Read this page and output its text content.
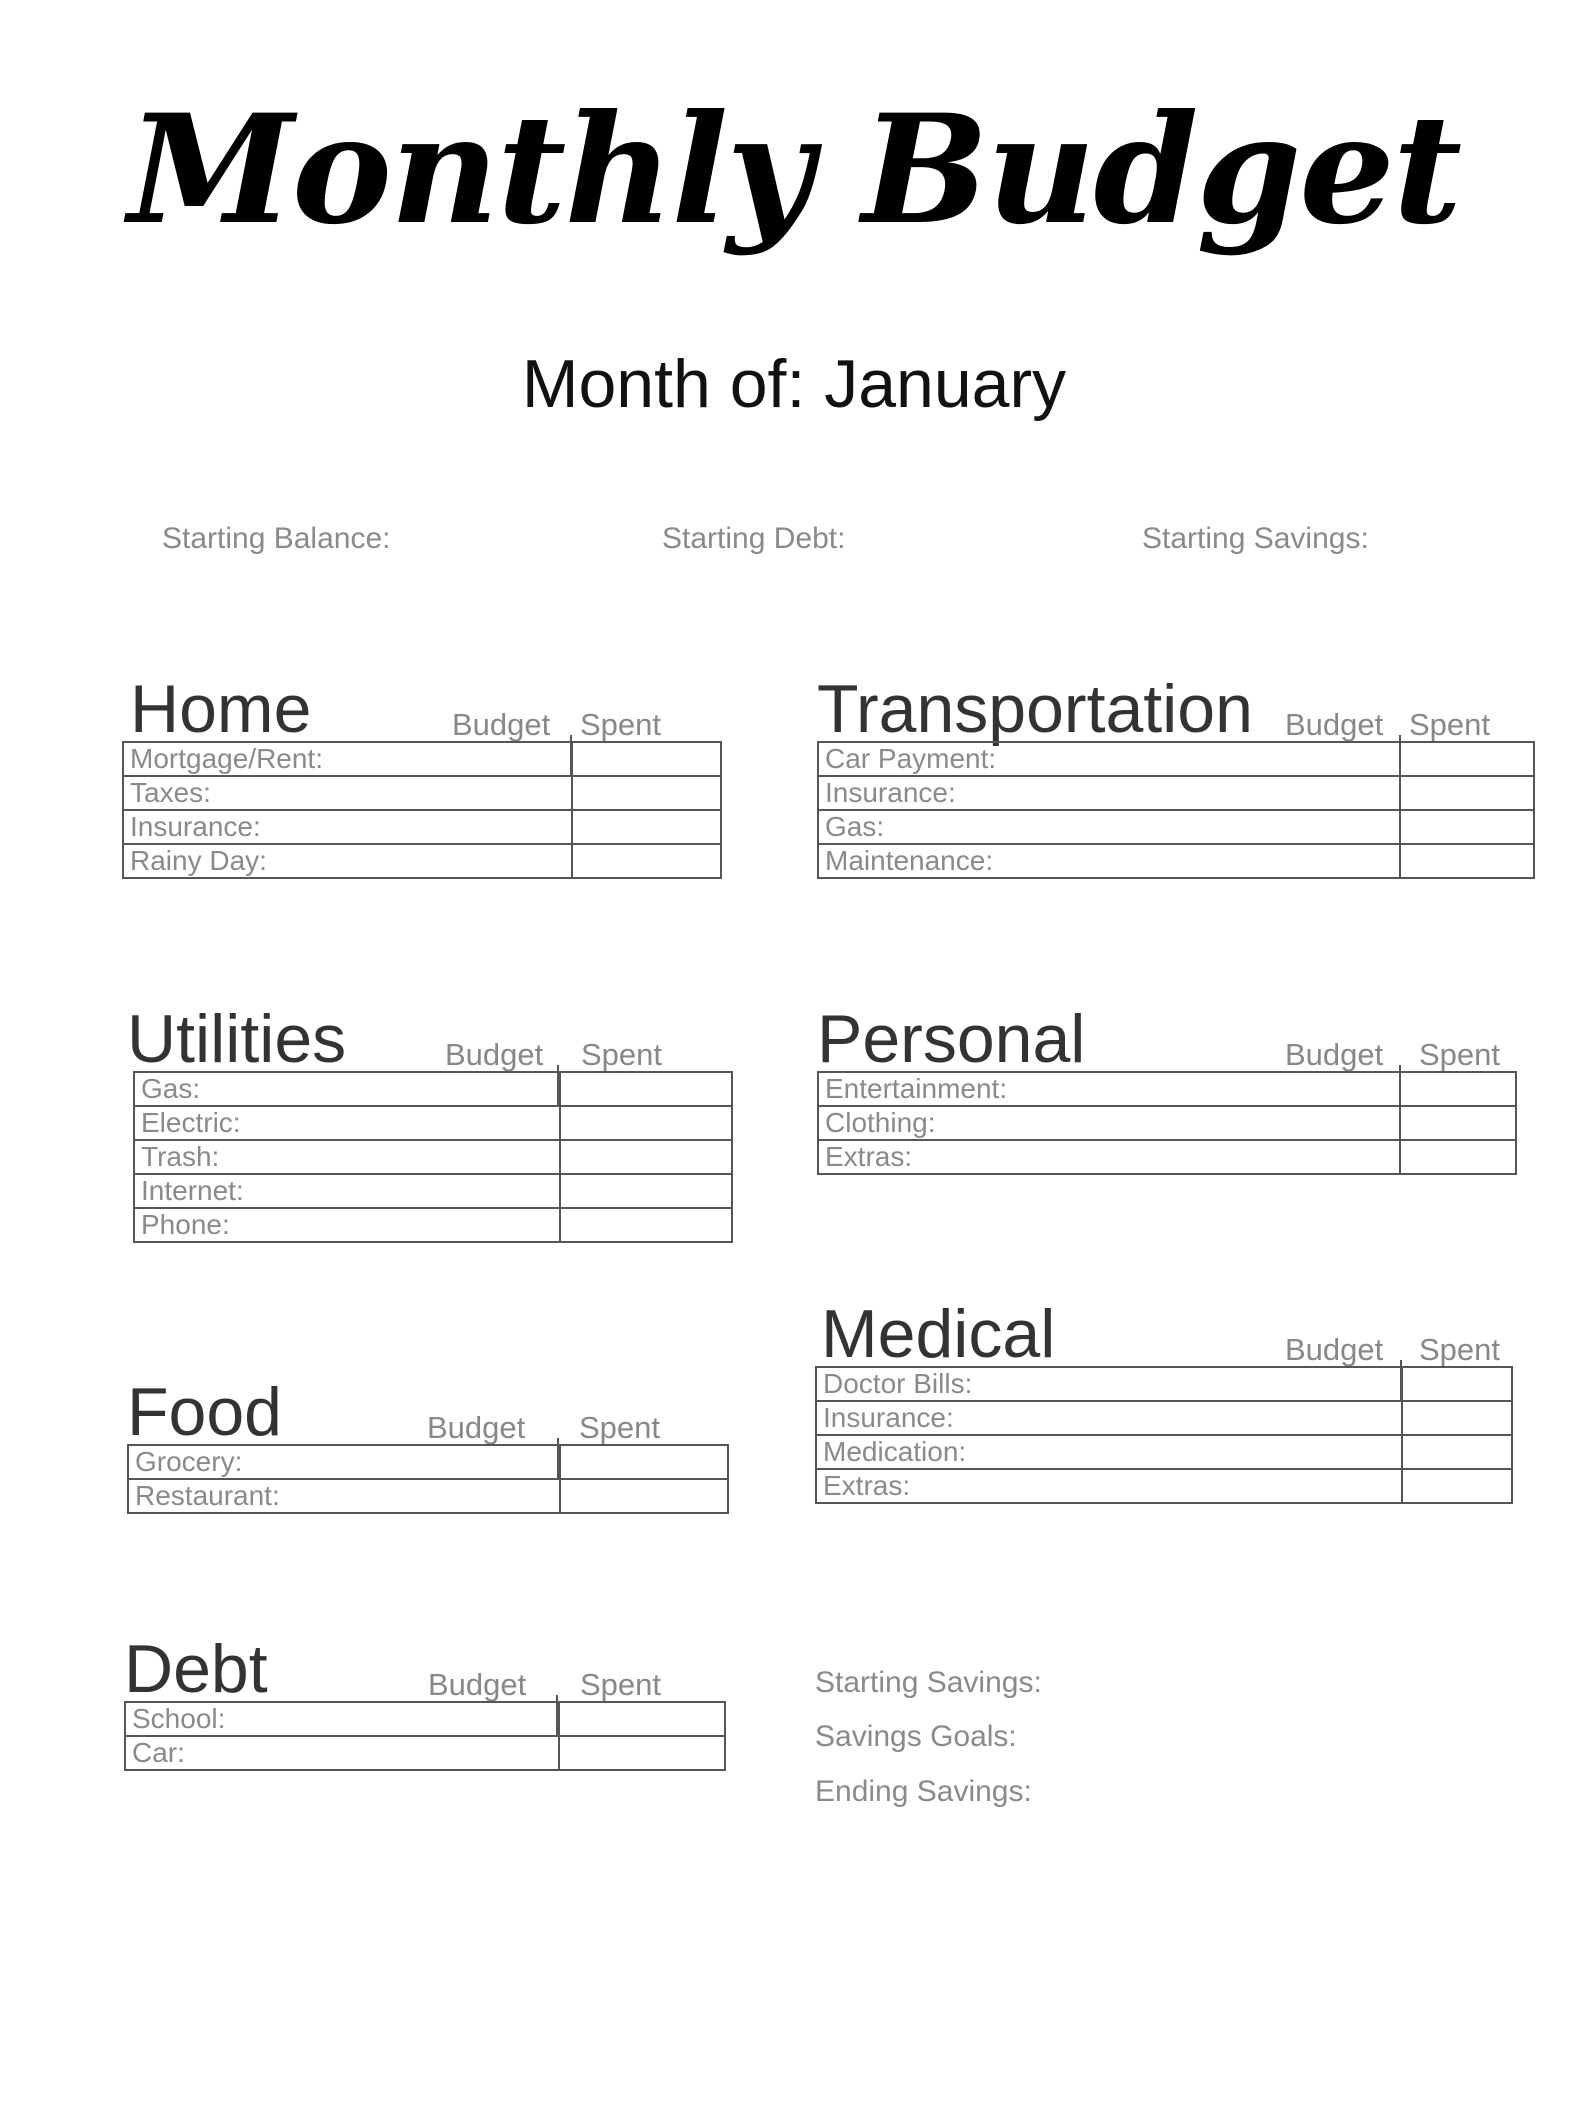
Monthly Budget
Month of: January
Starting Balance:	Starting Debt:	Starting Savings:
Home	Budget Spent
Mortgage/Rent:	
Taxes:	
Insurance:	
Rainy Day:	
Transportation Budget Spent
Car Payment:	
Insurance:	
Gas:	
Maintenance:	
Utilities	Budget Spent
Gas:	
Electric:	
Trash:	
Internet:	
Phone:	
Personal	Budget Spent
Entertainment:	
Clothing:	
Extras:	
Medical	Budget Spent
Doctor Bills:	
Insurance:	
Medication:	
Extras:	
Food	Budget Spent
Grocery:	
Restaurant:	
Debt	Budget Spent
School:	
Car:	
Starting Savings:
Savings Goals:
Ending Savings:
